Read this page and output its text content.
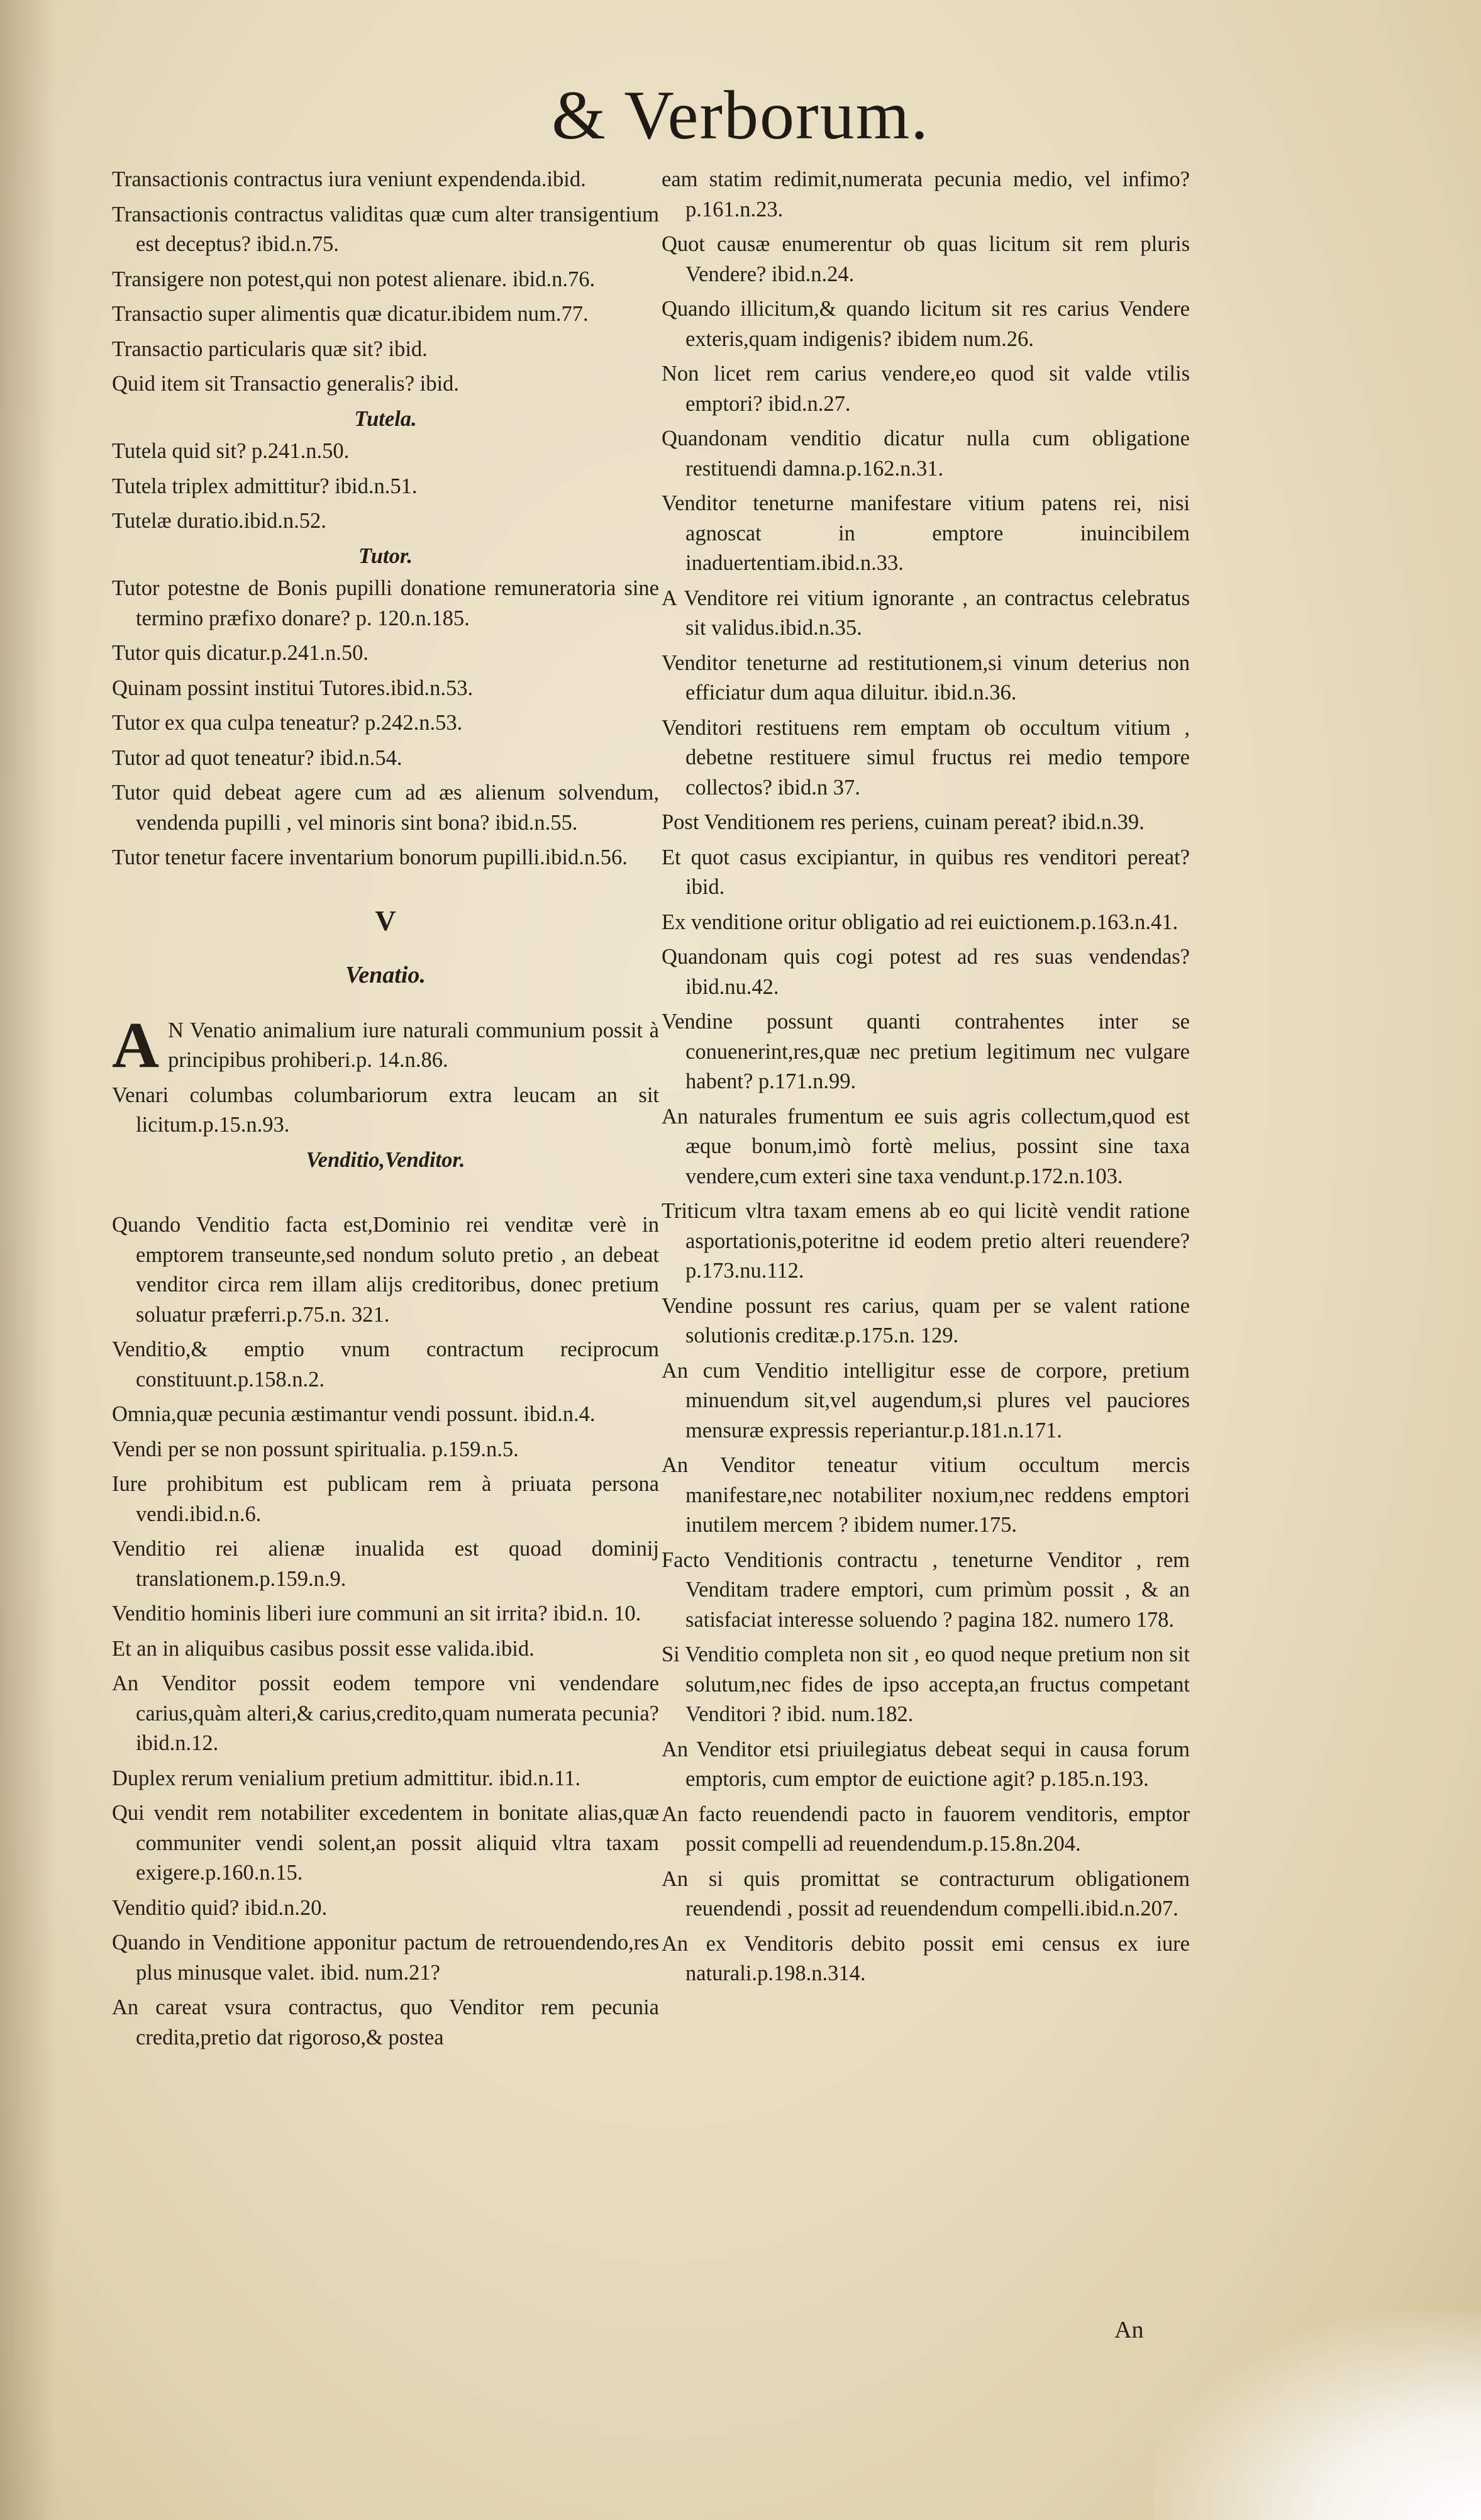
& Verborum.

Transactionis contractus iura veniunt expendenda.ibid.

Transactionis contractus validitas quæ cum alter transigentium est deceptus? ibid.n.75.

Transigere non potest,qui non potest alienare. ibid.n.76.

Transactio super alimentis quæ dicatur.ibidem num.77.

Transactio particularis quæ sit? ibid.

Quid item sit Transactio generalis? ibid.

Tutela.

Tutela quid sit? p.241.n.50.

Tutela triplex admittitur? ibid.n.51.

Tutelæ duratio.ibid.n.52.

Tutor.

Tutor potestne de Bonis pupilli donatione remuneratoria sine termino præfixo donare? p. 120.n.185.

Tutor quis dicatur.p.241.n.50.

Quinam possint institui Tutores.ibid.n.53.

Tutor ex qua culpa teneatur? p.242.n.53.

Tutor ad quot teneatur? ibid.n.54.

Tutor quid debeat agere cum ad æs alienum solvendum, vendenda pupilli , vel minoris sint bona? ibid.n.55.

Tutor tenetur facere inventarium bonorum pupilli.ibid.n.56.

V
Venatio.

A N Venatio animalium iure naturali communium possit à principibus prohiberi.p. 14.n.86.

Venari columbas columbariorum extra leucam an sit licitum.p.15.n.93.

Venditio,Venditor.

Quando Venditio facta est,Dominio rei venditæ verè in emptorem transeunte,sed nondum soluto pretio , an debeat venditor circa rem illam alijs creditoribus, donec pretium soluatur præferri.p.75.n. 321.

Venditio,& emptio vnum contractum reciprocum constituunt.p.158.n.2.

Omnia,quæ pecunia æstimantur vendi possunt. ibid.n.4.

Vendi per se non possunt spiritualia. p.159.n.5.

Iure prohibitum est publicam rem à priuata persona vendi.ibid.n.6.

Venditio rei alienæ inualida est quoad dominij translationem.p.159.n.9.

Venditio hominis liberi iure communi an sit irrita? ibid.n. 10.

Et an in aliquibus casibus possit esse valida.ibid.

An Venditor possit eodem tempore vni vendendare carius,quàm alteri,& carius,credito,quam numerata pecunia? ibid.n.12.

Duplex rerum venialium pretium admittitur. ibid.n.11.

Qui vendit rem notabiliter excedentem in bonitate alias,quæ communiter vendi solent,an possit aliquid vltra taxam exigere.p.160.n.15.

Venditio quid? ibid.n.20.

Quando in Venditione apponitur pactum de retrouendendo,res plus minusque valet. ibid. num.21?

An careat vsura contractus, quo Venditor rem pecunia credita,pretio dat rigoroso,& postea

eam statim redimit,numerata pecunia medio, vel infimo? p.161.n.23.

Quot causæ enumerentur ob quas licitum sit rem pluris Vendere? ibid.n.24.

Quando illicitum,& quando licitum sit res carius Vendere exteris,quam indigenis? ibidem num.26.

Non licet rem carius vendere,eo quod sit valde vtilis emptori? ibid.n.27.

Quandonam venditio dicatur nulla cum obligatione restituendi damna.p.162.n.31.

Venditor teneturne manifestare vitium patens rei, nisi agnoscat in emptore inuincibilem inaduertentiam.ibid.n.33.

A Venditore rei vitium ignorante , an contractus celebratus sit validus.ibid.n.35.

Venditor teneturne ad restitutionem,si vinum deterius non efficiatur dum aqua diluitur. ibid.n.36.

Venditori restituens rem emptam ob occultum vitium , debetne restituere simul fructus rei medio tempore collectos? ibid.n 37.

Post Venditionem res periens, cuinam pereat? ibid.n.39.

Et quot casus excipiantur, in quibus res venditori pereat? ibid.

Ex venditione oritur obligatio ad rei euictionem.p.163.n.41.

Quandonam quis cogi potest ad res suas vendendas? ibid.nu.42.

Vendine possunt quanti contrahentes inter se conuenerint,res,quæ nec pretium legitimum nec vulgare habent? p.171.n.99.

An naturales frumentum ee suis agris collectum,quod est æque bonum,imò fortè melius, possint sine taxa vendere,cum exteri sine taxa vendunt.p.172.n.103.

Triticum vltra taxam emens ab eo qui licitè vendit ratione asportationis,poteritne id eodem pretio alteri reuendere? p.173.nu.112.

Vendine possunt res carius, quam per se valent ratione solutionis creditæ.p.175.n. 129.

An cum Venditio intelligitur esse de corpore, pretium minuendum sit,vel augendum,si plures vel pauciores mensuræ expressis reperiantur.p.181.n.171.

An Venditor teneatur vitium occultum mercis manifestare,nec notabiliter noxium,nec reddens emptori inutilem mercem ? ibidem numer.175.

Facto Venditionis contractu , teneturne Venditor , rem Venditam tradere emptori, cum primùm possit , & an satisfaciat interesse soluendo ? pagina 182. numero 178.

Si Venditio completa non sit , eo quod neque pretium non sit solutum,nec fides de ipso accepta,an fructus competant Venditori ? ibid. num.182.

An Venditor etsi priuilegiatus debeat sequi in causa forum emptoris, cum emptor de euictione agit? p.185.n.193.

An facto reuendendi pacto in fauorem venditoris, emptor possit compelli ad reuendendum.p.15.8n.204.

An si quis promittat se contracturum obligationem reuendendi , possit ad reuendendum compelli.ibid.n.207.

An ex Venditoris debito possit emi census ex iure naturali.p.198.n.314.

An
